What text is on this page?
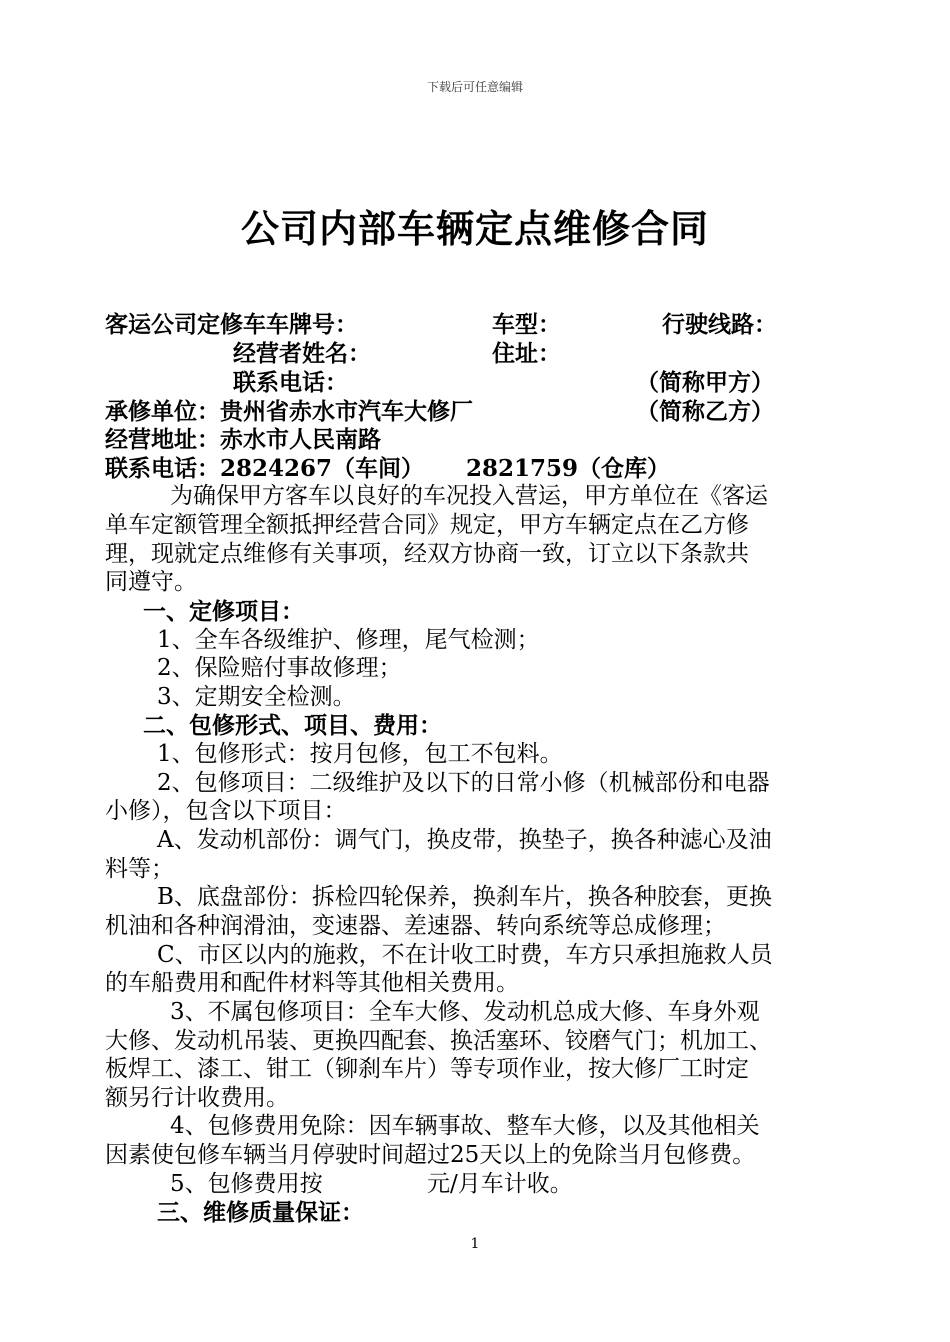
下载后可任意编辑
公司内部车辆定点维修合同
客运公司定修车车牌号：	车型：	行驶线路：
经营者姓名：	住址：
联系电话：	（简称甲方）
承修单位：贵州省赤水市汽车大修厂	（简称乙方）
经营地址：赤水市人民南路
联系电话：2824267（车间） 2821759（仓库）
为确保甲方客车以良好的车况投入营运，甲方单位在《客运
单车定额管理全额抵押经营合同》规定，甲方车辆定点在乙方修
理，现就定点维修有关事项，经双方协商一致，订立以下条款共
同遵守。
一、定修项目：
1、全车各级维护、修理，尾气检测；
2、保险赔付事故修理；
3、定期安全检测。
二、包修形式、项目、费用：
1、包修形式：按月包修，包工不包料。
2、包修项目：二级维护及以下的日常小修（机械部份和电器
小修），包含以下项目：
A、发动机部份：调气门，换皮带，换垫子，换各种滤心及油
料等；
B、底盘部份：拆检四轮保养，换刹车片，换各种胶套，更换
机油和各种润滑油，变速器、差速器、转向系统等总成修理；
C、市区以内的施救，不在计收工时费，车方只承担施救人员
的车船费用和配件材料等其他相关费用。
3、不属包修项目：全车大修、发动机总成大修、车身外观
大修、发动机吊装、更换四配套、换活塞环、铰磨气门；机加工、
板焊工、漆工、钳工（铆刹车片）等专项作业，按大修厂工时定
额另行计收费用。
4、包修费用免除：因车辆事故、整车大修，以及其他相关
因素使包修车辆当月停驶时间超过25天以上的免除当月包修费。
5、包修费用按	元/月车计收。
三、维修质量保证：
1
